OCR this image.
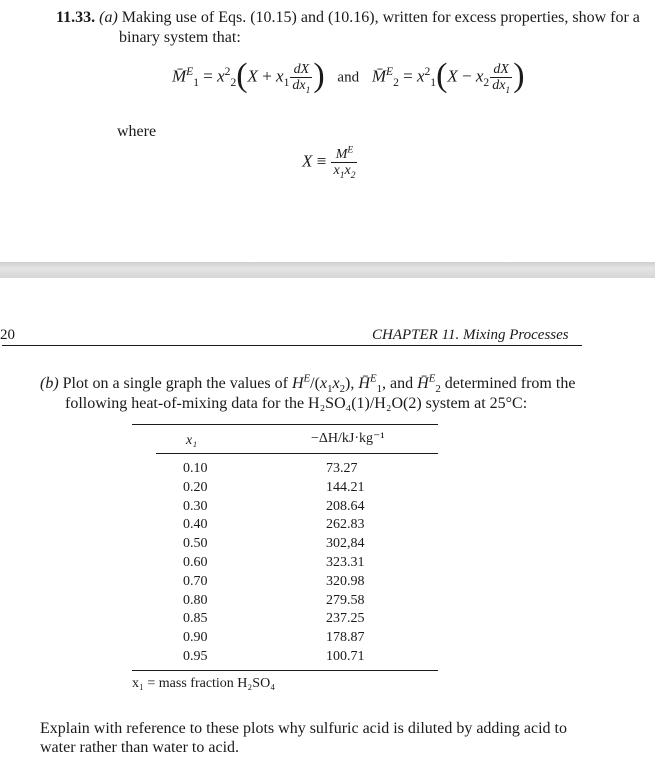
11.33. (a) Making use of Eqs. (10.15) and (10.16), written for excess properties, show for a
binary system that:
M̄$^E_1$ = $x^2_2(X + x_1 \frac{dX}{dx_1}$ ) and M̄$^E_2$ = $x^2_1(X - x_2 \frac{dX}{dx_1}$ )
where
$X \equiv \frac{M^E}{x_1x_2}$
20	CHAPTER 11. Mixing Processes
(b) Plot on a single graph the values of $H^E/(x_1x_2)$, H̄$^E_1$, and H̄$^E_2$ determined from the
following heat-of-mixing data for the H₂SO₄(1)/H₂O(2) system at 25°C:
x₁	−ΔH/kJ·kg⁻¹
0.10	73.27
0.20	144.21
0.30	208.64
0.40	262.83
0.50	302,84
0.60	323.31
0.70	320.98
0.80	279.58
0.85	237.25
0.90	178.87
0.95	100.71
x₁ = mass fraction H₂SO₄
Explain with reference to these plots why sulfuric acid is diluted by adding acid to
water rather than water to acid.
